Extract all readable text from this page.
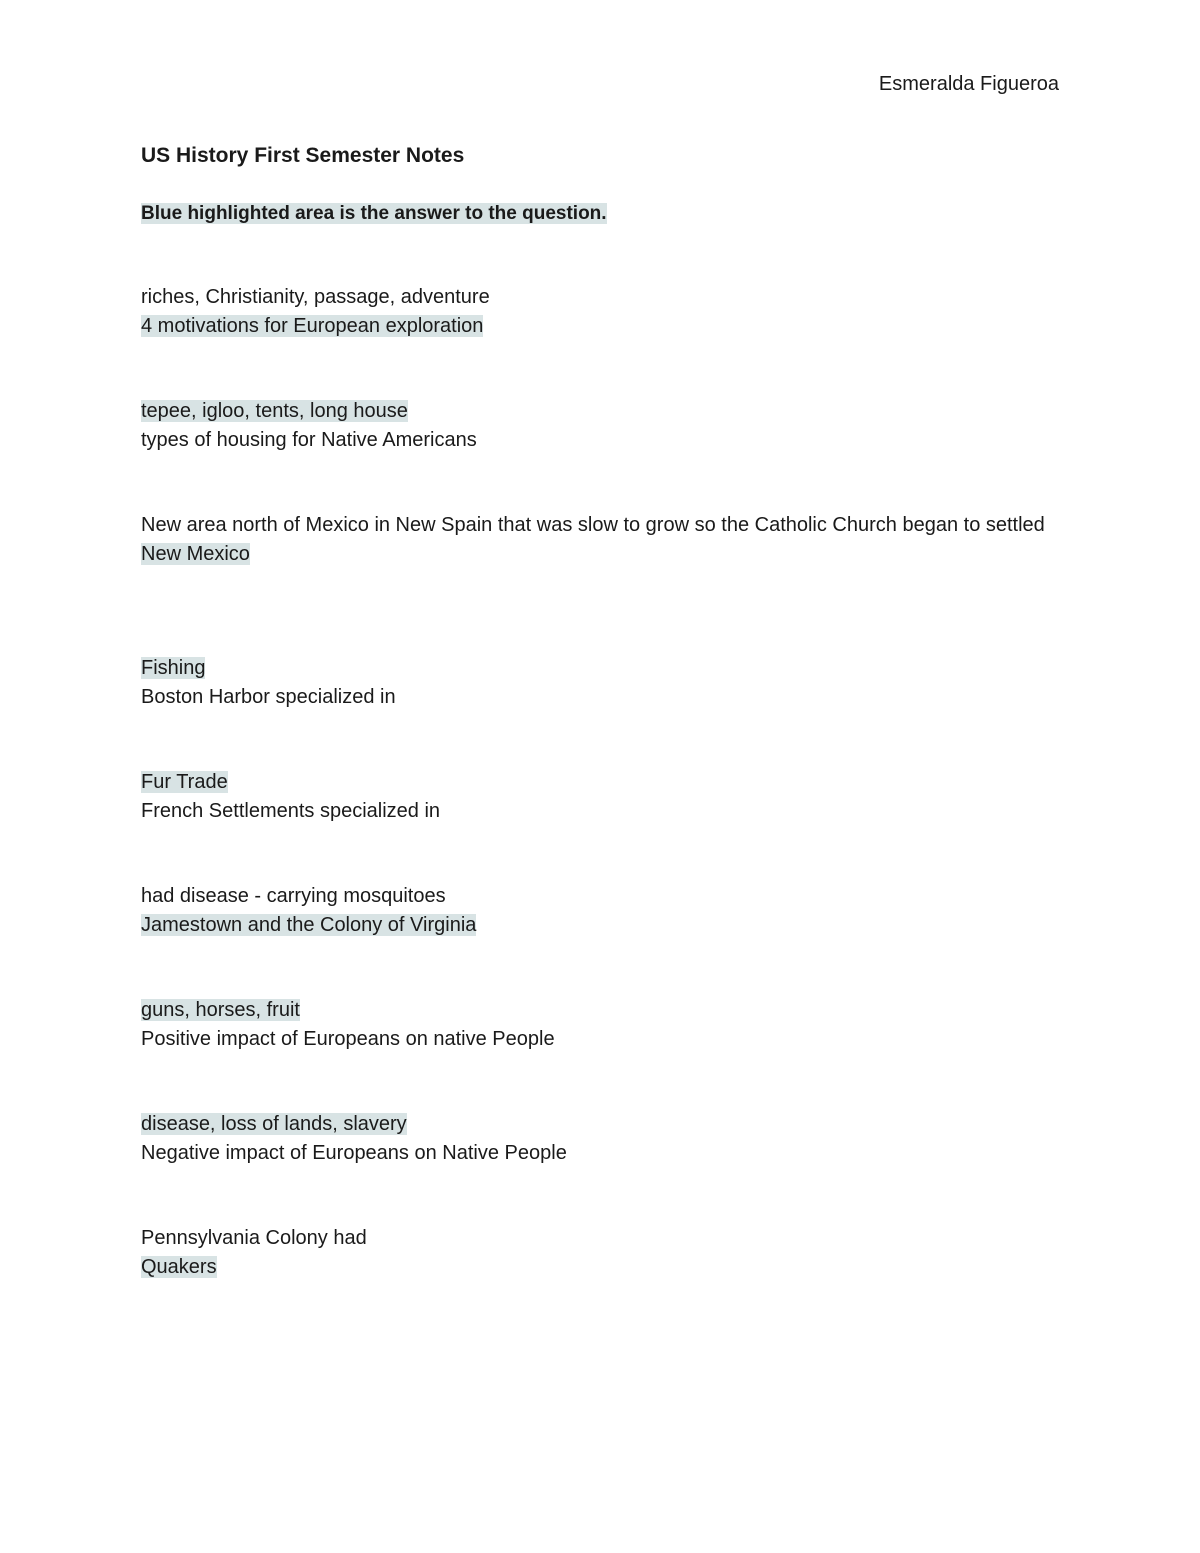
Esmeralda Figueroa
US History First Semester Notes
Blue highlighted area is the answer to the question.
riches, Christianity, passage, adventure
4 motivations for European exploration
tepee, igloo, tents, long house
types of housing for Native Americans
New area north of Mexico in New Spain that was slow to grow so the Catholic Church began to settled
New Mexico
Fishing
Boston Harbor specialized in
Fur Trade
French Settlements specialized in
had disease - carrying mosquitoes
Jamestown and the Colony of Virginia
guns, horses, fruit
Positive impact of Europeans on native People
disease, loss of lands, slavery
Negative impact of Europeans on Native People
Pennsylvania Colony had
Quakers
